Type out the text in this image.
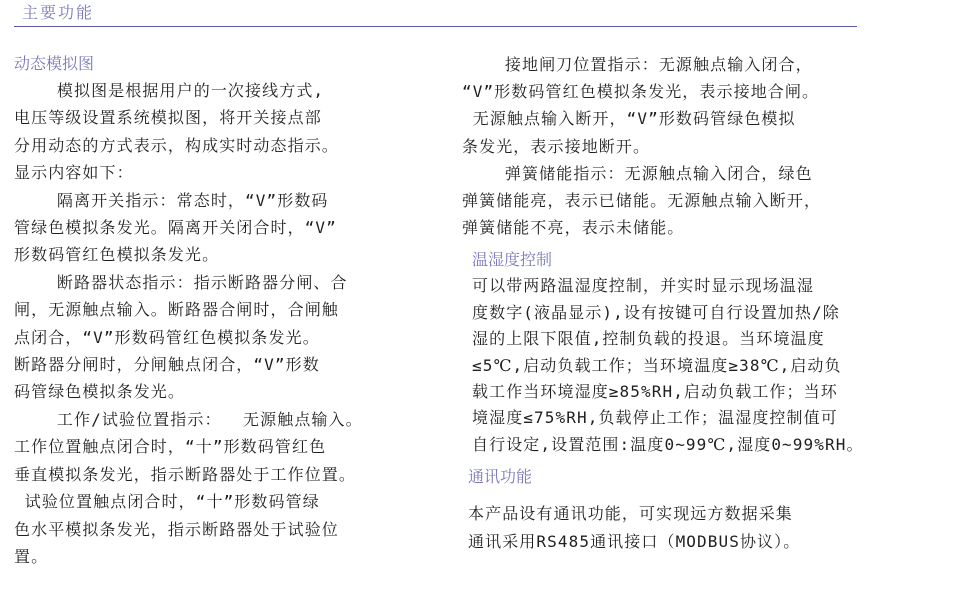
主要功能
动态模拟图
模拟图是根据用户的一次接线方式,
电压等级设置系统模拟图，将开关接点部
分用动态的方式表示，构成实时动态指示。
显示内容如下：
隔离开关指示：常态时，“V”形数码
管绿色模拟条发光。隔离开关闭合时，“V”
形数码管红色模拟条发光。
断路器状态指示：指示断路器分闸、合
闸，无源触点输入。断路器合闸时，合闸触
点闭合，“V”形数码管红色模拟条发光。
断路器分闸时，分闸触点闭合，“V”形数
码管绿色模拟条发光。
工作/试验位置指示：  无源触点输入。
工作位置触点闭合时，“十”形数码管红色
垂直模拟条发光，指示断路器处于工作位置。
试验位置触点闭合时，“十”形数码管绿
色水平模拟条发光，指示断路器处于试验位
置。
接地闸刀位置指示：无源触点输入闭合，
“V”形数码管红色模拟条发光，表示接地合闸。
无源触点输入断开，“V”形数码管绿色模拟
条发光，表示接地断开。
弹簧储能指示：无源触点输入闭合，绿色
弹簧储能亮，表示已储能。无源触点输入断开，
弹簧储能不亮，表示未储能。
温湿度控制
可以带两路温湿度控制，并实时显示现场温湿
度数字(液晶显示),设有按键可自行设置加热/除
湿的上限下限值,控制负载的投退。当环境温度
≤5℃,启动负载工作；当环境温度≥38℃,启动负
载工作当环境湿度≥85%RH,启动负载工作；当环
境湿度≤75%RH,负载停止工作；温湿度控制值可
自行设定,设置范围:温度0~99℃,湿度0~99%RH。
通讯功能
本产品设有通讯功能，可实现远方数据采集
通讯采用RS485通讯接口（MODBUS协议）。
